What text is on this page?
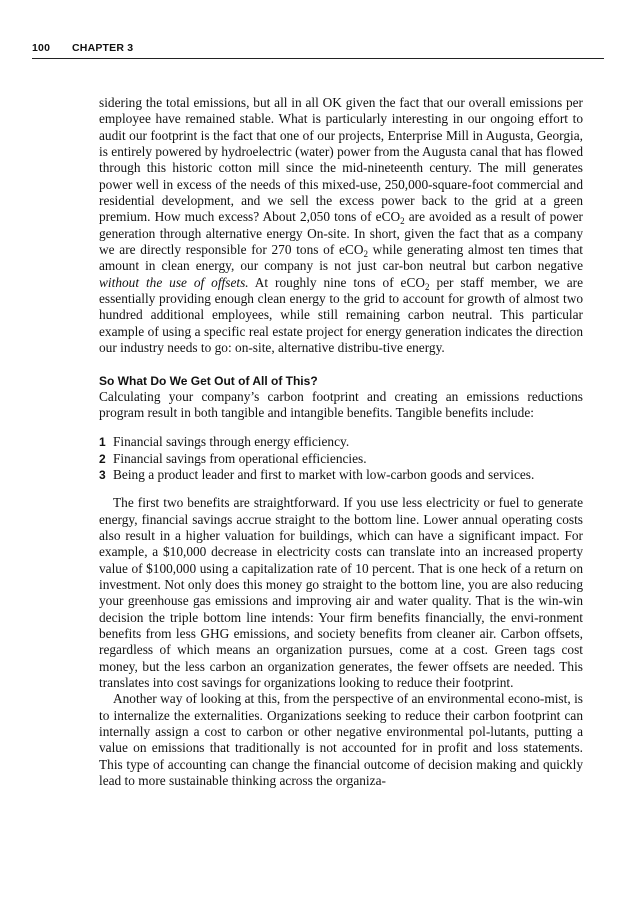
100 CHAPTER 3

sidering the total emissions, but all in all OK given the fact that our overall emissions per employee have remained stable. What is particularly interesting in our ongoing effort to audit our footprint is the fact that one of our projects, Enterprise Mill in Augusta, Georgia, is entirely powered by hydroelectric (water) power from the Augusta canal that has flowed through this historic cotton mill since the mid-nineteenth century. The mill generates power well in excess of the needs of this mixed-use, 250,000-square-foot commercial and residential development, and we sell the excess power back to the grid at a green premium. How much excess? About 2,050 tons of eCO$_2$ are avoided as a result of power generation through alternative energy On-site. In short, given the fact that as a company we are directly responsible for 270 tons of eCO$_2$ while generating almost ten times that amount in clean energy, our company is not just car-bon neutral but carbon negative without the use of offsets. At roughly nine tons of eCO$_2$ per staff member, we are essentially providing enough clean energy to the grid to account for growth of almost two hundred additional employees, while still remaining carbon neutral. This particular example of using a specific real estate project for energy generation indicates the direction our industry needs to go: on-site, alternative distribu-tive energy.

So What Do We Get Out of All of This?

Calculating your company’s carbon footprint and creating an emissions reductions program result in both tangible and intangible benefits. Tangible benefits include:

1 Financial savings through energy efficiency.
2 Financial savings from operational efficiencies.
3 Being a product leader and first to market with low-carbon goods and services.

The first two benefits are straightforward. If you use less electricity or fuel to generate energy, financial savings accrue straight to the bottom line. Lower annual operating costs also result in a higher valuation for buildings, which can have a significant impact. For example, a $10,000 decrease in electricity costs can translate into an increased property value of $100,000 using a capitalization rate of 10 percent. That is one heck of a return on investment. Not only does this money go straight to the bottom line, you are also reducing your greenhouse gas emissions and improving air and water quality. That is the win-win decision the triple bottom line intends: Your firm benefits financially, the envi-ronment benefits from less GHG emissions, and society benefits from cleaner air. Carbon offsets, regardless of which means an organization pursues, come at a cost. Green tags cost money, but the less carbon an organization generates, the fewer offsets are needed. This translates into cost savings for organizations looking to reduce their footprint.

Another way of looking at this, from the perspective of an environmental econo-mist, is to internalize the externalities. Organizations seeking to reduce their carbon footprint can internally assign a cost to carbon or other negative environmental pol-lutants, putting a value on emissions that traditionally is not accounted for in profit and loss statements. This type of accounting can change the financial outcome of decision making and quickly lead to more sustainable thinking across the organiza-
